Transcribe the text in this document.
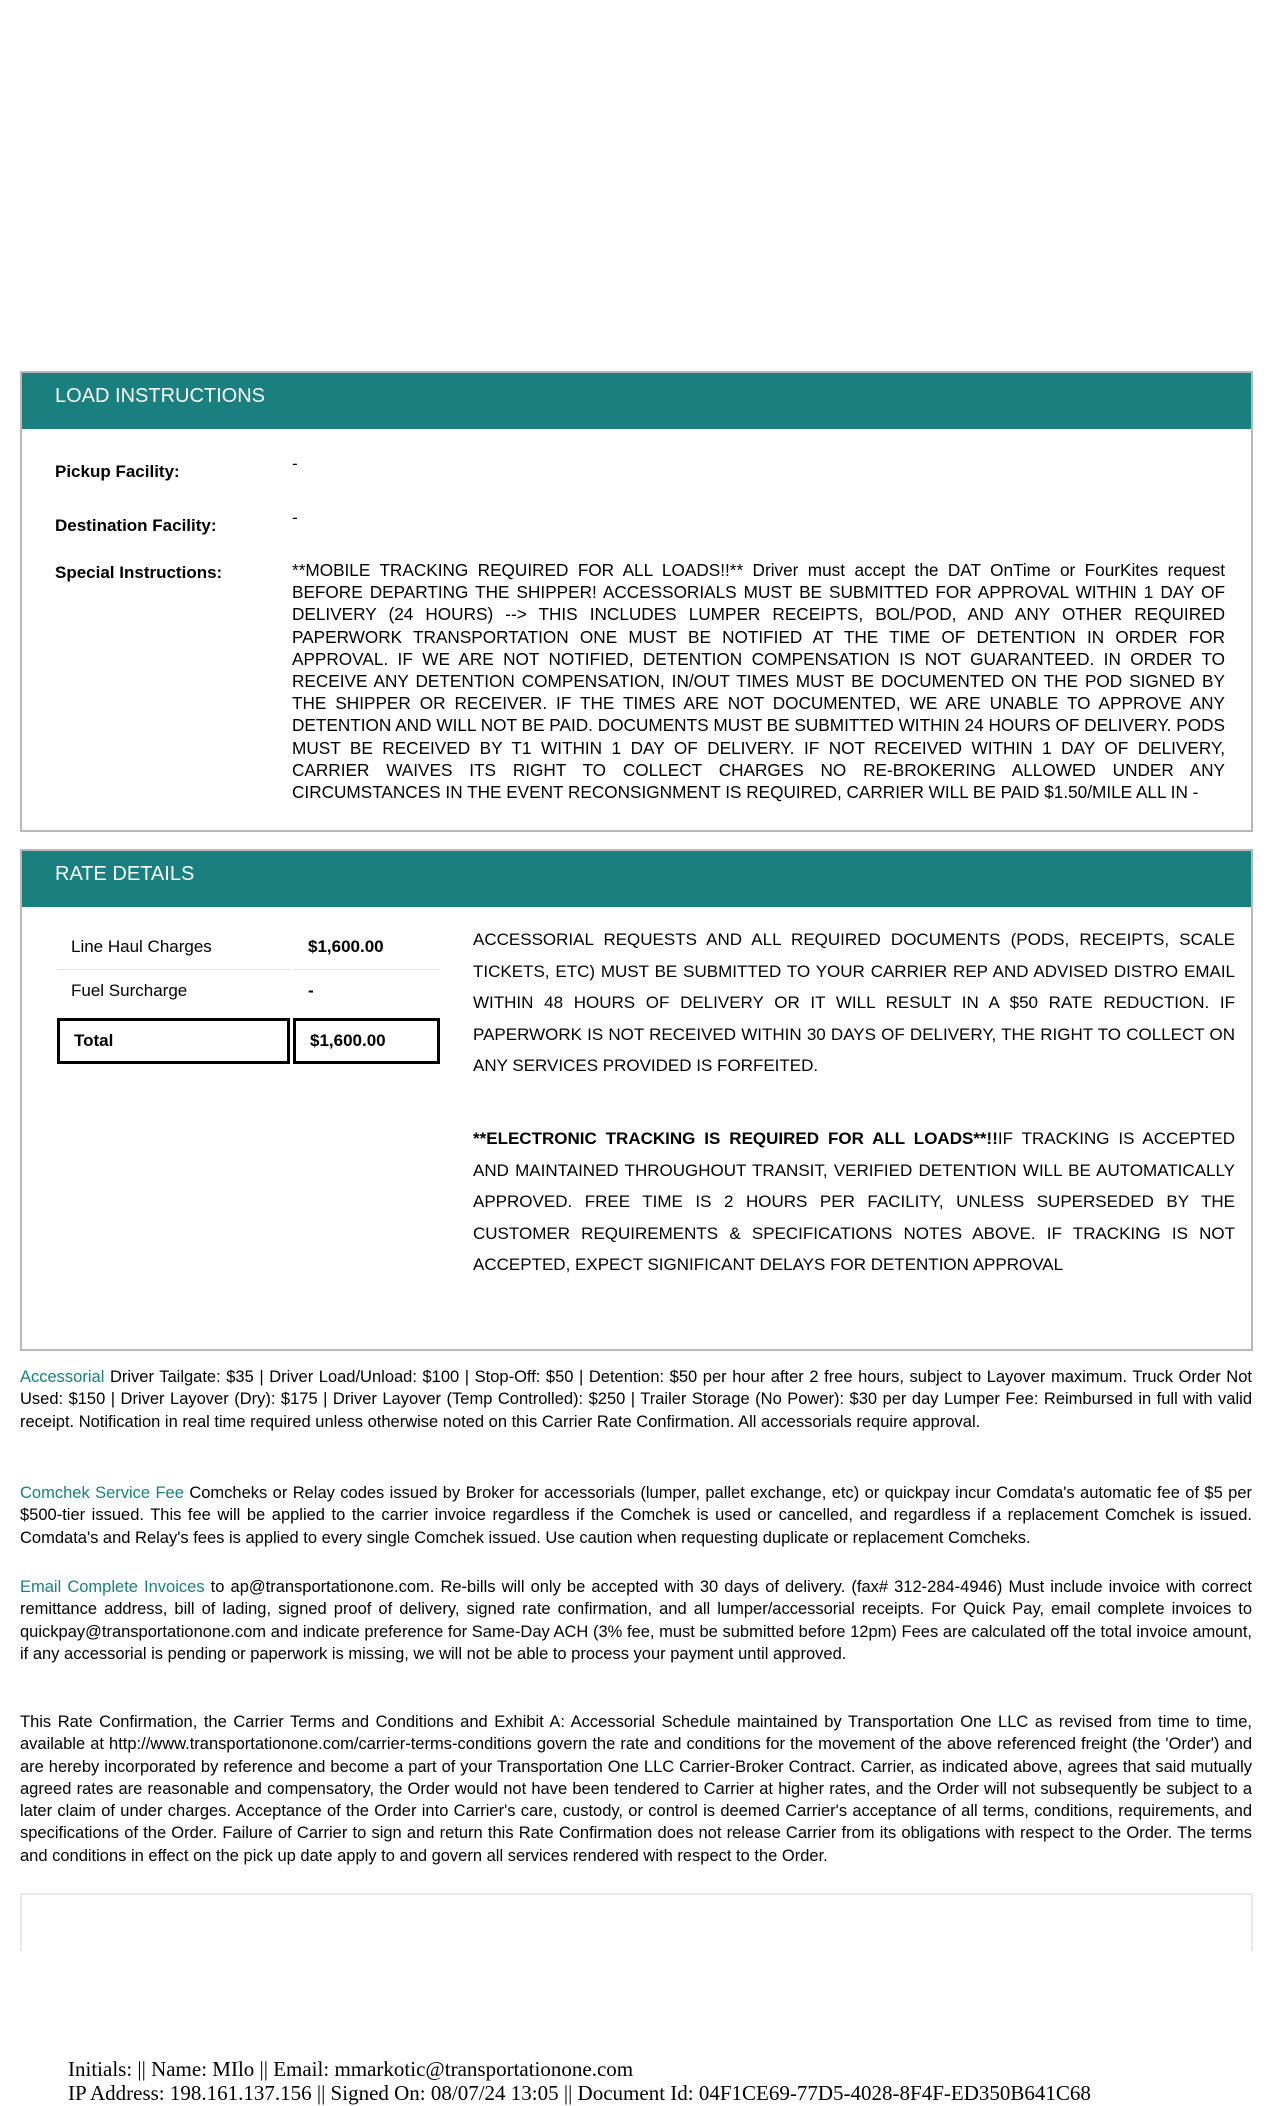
LOAD INSTRUCTIONS
Pickup Facility:	-
Destination Facility:	-
Special Instructions:	**MOBILE TRACKING REQUIRED FOR ALL LOADS!!** Driver must accept the DAT OnTime or FourKites request BEFORE DEPARTING THE SHIPPER! ACCESSORIALS MUST BE SUBMITTED FOR APPROVAL WITHIN 1 DAY OF DELIVERY (24 HOURS) --> THIS INCLUDES LUMPER RECEIPTS, BOL/POD, AND ANY OTHER REQUIRED PAPERWORK TRANSPORTATION ONE MUST BE NOTIFIED AT THE TIME OF DETENTION IN ORDER FOR APPROVAL. IF WE ARE NOT NOTIFIED, DETENTION COMPENSATION IS NOT GUARANTEED. IN ORDER TO RECEIVE ANY DETENTION COMPENSATION, IN/OUT TIMES MUST BE DOCUMENTED ON THE POD SIGNED BY THE SHIPPER OR RECEIVER. IF THE TIMES ARE NOT DOCUMENTED, WE ARE UNABLE TO APPROVE ANY DETENTION AND WILL NOT BE PAID. DOCUMENTS MUST BE SUBMITTED WITHIN 24 HOURS OF DELIVERY. PODS MUST BE RECEIVED BY T1 WITHIN 1 DAY OF DELIVERY. IF NOT RECEIVED WITHIN 1 DAY OF DELIVERY, CARRIER WAIVES ITS RIGHT TO COLLECT CHARGES NO RE-BROKERING ALLOWED UNDER ANY CIRCUMSTANCES IN THE EVENT RECONSIGNMENT IS REQUIRED, CARRIER WILL BE PAID $1.50/MILE ALL IN -
RATE DETAILS
Line Haul Charges	$1,600.00
Fuel Surcharge	-
Total	$1,600.00
ACCESSORIAL REQUESTS AND ALL REQUIRED DOCUMENTS (PODS, RECEIPTS, SCALE TICKETS, ETC) MUST BE SUBMITTED TO YOUR CARRIER REP AND ADVISED DISTRO EMAIL WITHIN 48 HOURS OF DELIVERY OR IT WILL RESULT IN A $50 RATE REDUCTION. IF PAPERWORK IS NOT RECEIVED WITHIN 30 DAYS OF DELIVERY, THE RIGHT TO COLLECT ON ANY SERVICES PROVIDED IS FORFEITED.
**ELECTRONIC TRACKING IS REQUIRED FOR ALL LOADS**!!IF TRACKING IS ACCEPTED AND MAINTAINED THROUGHOUT TRANSIT, VERIFIED DETENTION WILL BE AUTOMATICALLY APPROVED. FREE TIME IS 2 HOURS PER FACILITY, UNLESS SUPERSEDED BY THE CUSTOMER REQUIREMENTS & SPECIFICATIONS NOTES ABOVE. IF TRACKING IS NOT ACCEPTED, EXPECT SIGNIFICANT DELAYS FOR DETENTION APPROVAL
Accessorial Driver Tailgate: $35 | Driver Load/Unload: $100 | Stop-Off: $50 | Detention: $50 per hour after 2 free hours, subject to Layover maximum. Truck Order Not Used: $150 | Driver Layover (Dry): $175 | Driver Layover (Temp Controlled): $250 | Trailer Storage (No Power): $30 per day Lumper Fee: Reimbursed in full with valid receipt. Notification in real time required unless otherwise noted on this Carrier Rate Confirmation. All accessorials require approval.
Comchek Service Fee Comcheks or Relay codes issued by Broker for accessorials (lumper, pallet exchange, etc) or quickpay incur Comdata's automatic fee of $5 per $500-tier issued. This fee will be applied to the carrier invoice regardless if the Comchek is used or cancelled, and regardless if a replacement Comchek is issued. Comdata's and Relay's fees is applied to every single Comchek issued. Use caution when requesting duplicate or replacement Comcheks.
Email Complete Invoices to ap@transportationone.com. Re-bills will only be accepted with 30 days of delivery. (fax# 312-284-4946) Must include invoice with correct remittance address, bill of lading, signed proof of delivery, signed rate confirmation, and all lumper/accessorial receipts. For Quick Pay, email complete invoices to quickpay@transportationone.com and indicate preference for Same-Day ACH (3% fee, must be submitted before 12pm) Fees are calculated off the total invoice amount, if any accessorial is pending or paperwork is missing, we will not be able to process your payment until approved.
This Rate Confirmation, the Carrier Terms and Conditions and Exhibit A: Accessorial Schedule maintained by Transportation One LLC as revised from time to time, available at http://www.transportationone.com/carrier-terms-conditions govern the rate and conditions for the movement of the above referenced freight (the 'Order') and are hereby incorporated by reference and become a part of your Transportation One LLC Carrier-Broker Contract. Carrier, as indicated above, agrees that said mutually agreed rates are reasonable and compensatory, the Order would not have been tendered to Carrier at higher rates, and the Order will not subsequently be subject to a later claim of under charges. Acceptance of the Order into Carrier's care, custody, or control is deemed Carrier's acceptance of all terms, conditions, requirements, and specifications of the Order. Failure of Carrier to sign and return this Rate Confirmation does not release Carrier from its obligations with respect to the Order. The terms and conditions in effect on the pick up date apply to and govern all services rendered with respect to the Order.
Initials: || Name: MIlo || Email: mmarkotic@transportationone.com
IP Address: 198.161.137.156 || Signed On: 08/07/24 13:05 || Document Id: 04F1CE69-77D5-4028-8F4F-ED350B641C68
